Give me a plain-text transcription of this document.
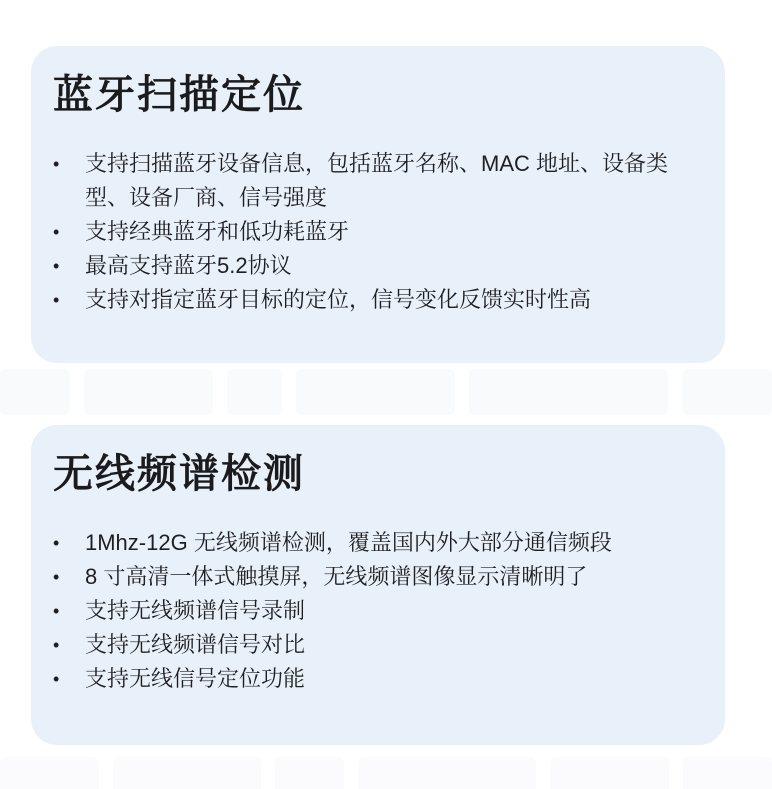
蓝牙扫描定位
•	支持扫描蓝牙设备信息，包括蓝牙名称、MAC 地址、设备类型、设备厂商、信号强度
•	支持经典蓝牙和低功耗蓝牙
•	最高支持蓝牙5.2协议
•	支持对指定蓝牙目标的定位，信号变化反馈实时性高
无线频谱检测
•	1Mhz-12G 无线频谱检测，覆盖国内外大部分通信频段
•	8 寸高清一体式触摸屏，无线频谱图像显示清晰明了
•	支持无线频谱信号录制
•	支持无线频谱信号对比
•	支持无线信号定位功能
